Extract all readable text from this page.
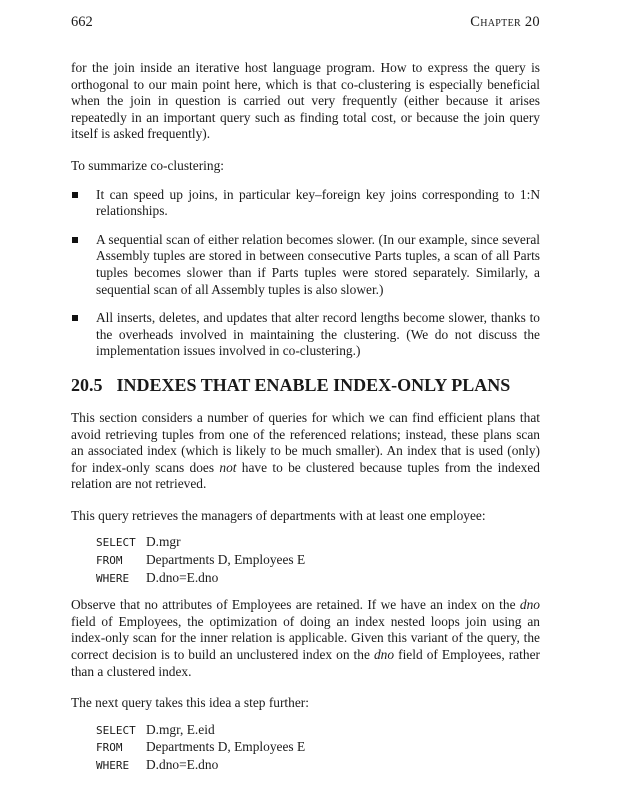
662	Chapter 20

for the join inside an iterative host language program. How to express the query is orthogonal to our main point here, which is that co-clustering is especially beneficial when the join in question is carried out very frequently (either because it arises repeatedly in an important query such as finding total cost, or because the join query itself is asked frequently).

To summarize co-clustering:

It can speed up joins, in particular key–foreign key joins corresponding to 1:N relationships.
A sequential scan of either relation becomes slower. (In our example, since several Assembly tuples are stored in between consecutive Parts tuples, a scan of all Parts tuples becomes slower than if Parts tuples were stored separately. Similarly, a sequential scan of all Assembly tuples is also slower.)
All inserts, deletes, and updates that alter record lengths become slower, thanks to the overheads involved in maintaining the clustering. (We do not discuss the implementation issues involved in co-clustering.)
20.5 INDEXES THAT ENABLE INDEX-ONLY PLANS

This section considers a number of queries for which we can find efficient plans that avoid retrieving tuples from one of the referenced relations; instead, these plans scan an associated index (which is likely to be much smaller). An index that is used (only) for index-only scans does not have to be clustered because tuples from the indexed relation are not retrieved.

This query retrieves the managers of departments with at least one employee:

SELECT D.mgr
FROM Departments D, Employees E
WHERE D.dno=E.dno

Observe that no attributes of Employees are retained. If we have an index on the dno field of Employees, the optimization of doing an index nested loops join using an index-only scan for the inner relation is applicable. Given this variant of the query, the correct decision is to build an unclustered index on the dno field of Employees, rather than a clustered index.

The next query takes this idea a step further:

SELECT D.mgr, E.eid
FROM Departments D, Employees E
WHERE D.dno=E.dno
